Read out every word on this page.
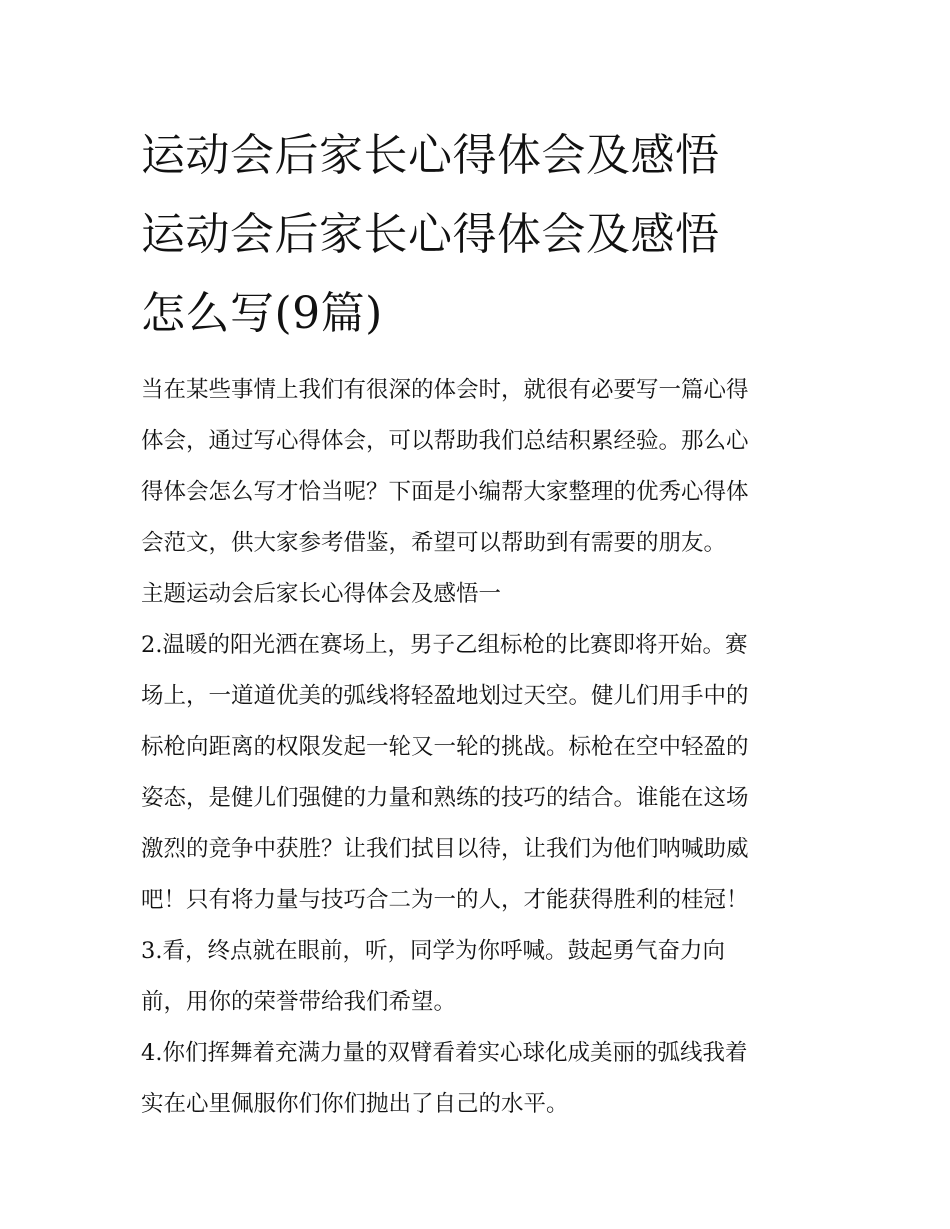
运动会后家长心得体会及感悟
运动会后家长心得体会及感悟
怎么写(9篇)

当在某些事情上我们有很深的体会时，就很有必要写一篇心得
体会，通过写心得体会，可以帮助我们总结积累经验。那么心
得体会怎么写才恰当呢？下面是小编帮大家整理的优秀心得体
会范文，供大家参考借鉴，希望可以帮助到有需要的朋友。

主题运动会后家长心得体会及感悟一

2.温暖的阳光洒在赛场上，男子乙组标枪的比赛即将开始。赛
场上，一道道优美的弧线将轻盈地划过天空。健儿们用手中的
标枪向距离的权限发起一轮又一轮的挑战。标枪在空中轻盈的
姿态，是健儿们强健的力量和熟练的技巧的结合。谁能在这场
激烈的竞争中获胜？让我们拭目以待，让我们为他们呐喊助威
吧！只有将力量与技巧合二为一的人，才能获得胜利的桂冠！

3.看，终点就在眼前，听，同学为你呼喊。鼓起勇气奋力向
前，用你的荣誉带给我们希望。

4.你们挥舞着充满力量的双臂看着实心球化成美丽的弧线我着
实在心里佩服你们你们抛出了自己的水平。
